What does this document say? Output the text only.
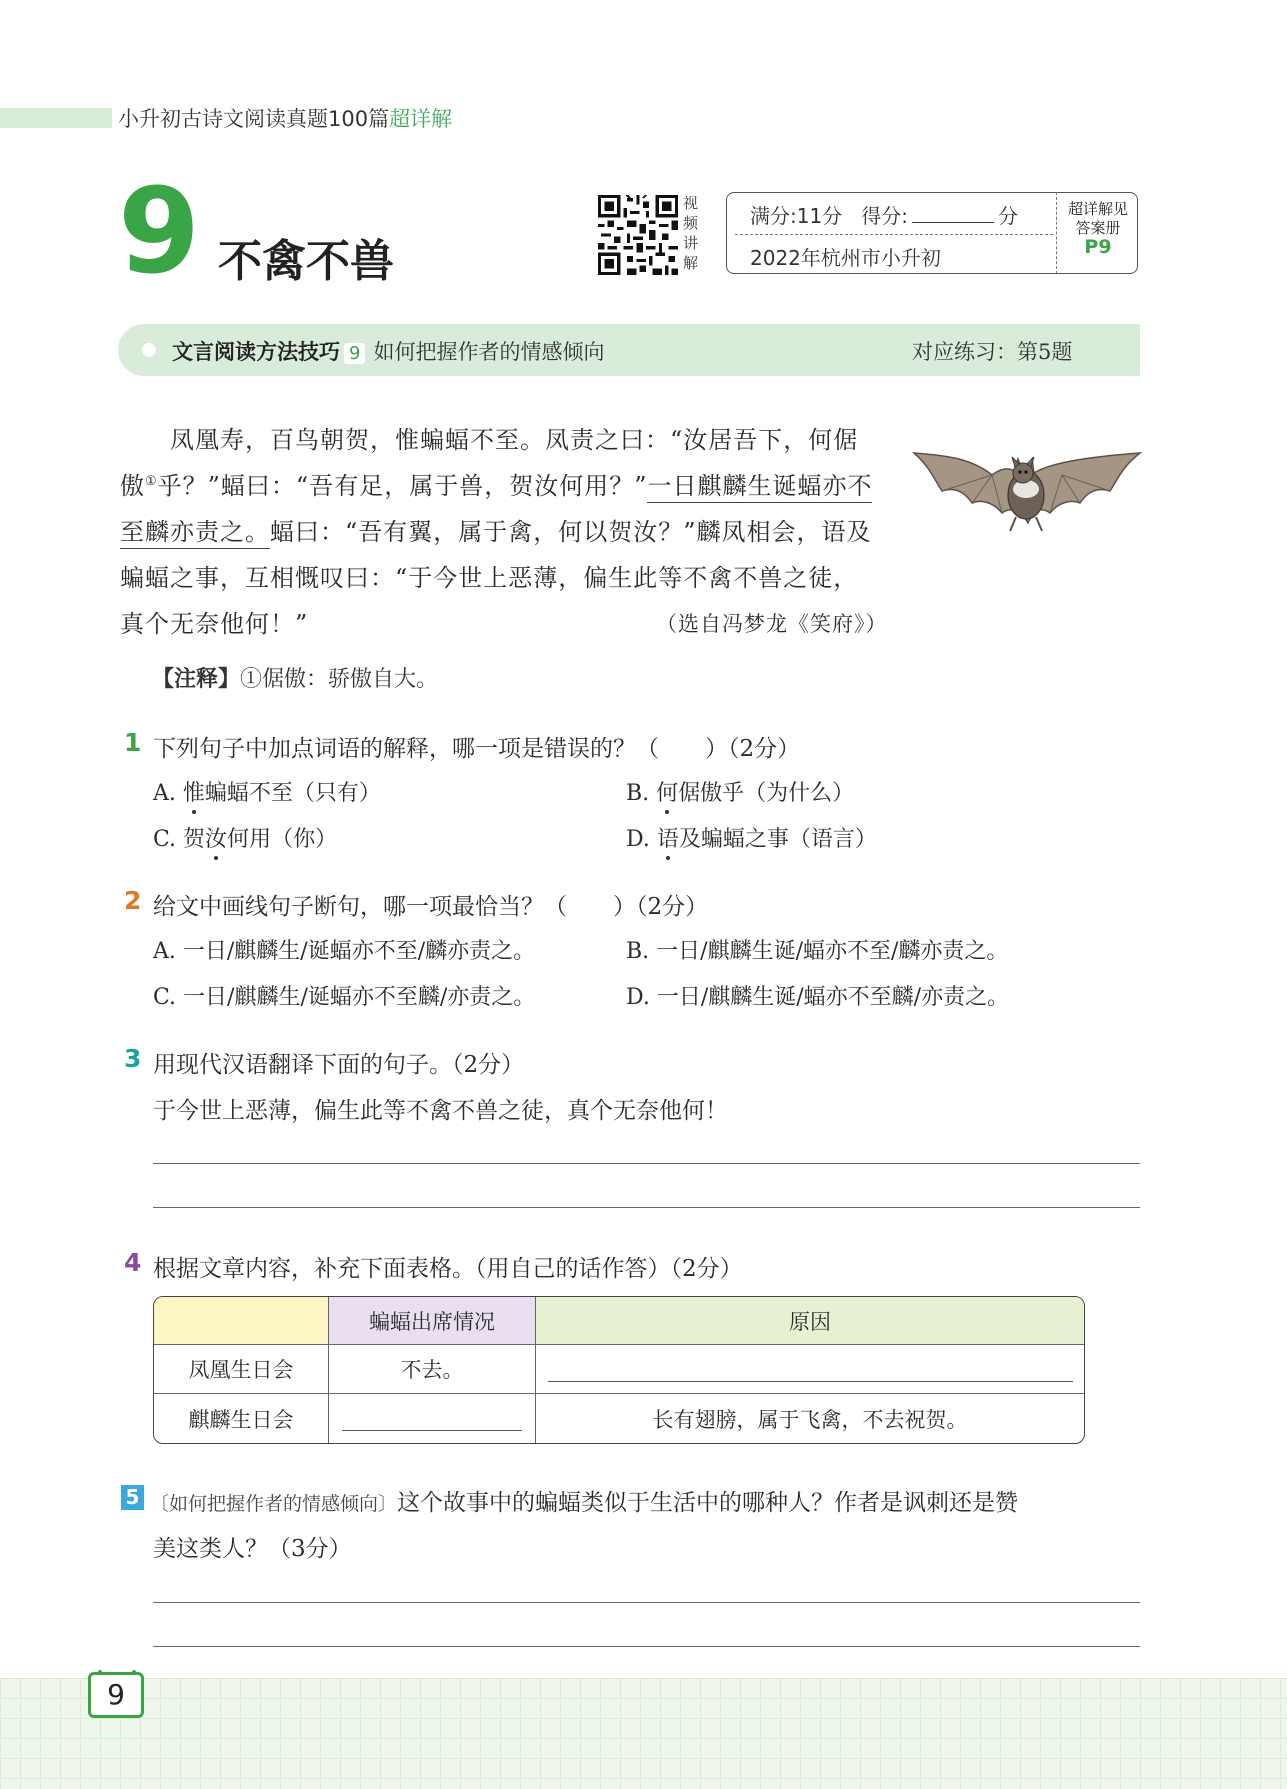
小升初古诗文阅读真题100篇超详解
9 不禽不兽
视
频
讲
解
满分:11分 得分:	分
2022年杭州市小升初
超详解见
答案册
P9
文言阅读方法技巧 9 如何把握作者的情感倾向	对应练习：第5题
凤凰寿，百鸟朝贺，惟蝙蝠不至。凤责之曰：“汝居吾下，何倨
傲①乎？”蝠曰：“吾有足，属于兽，贺汝何用？”一日麒麟生诞蝠亦不
至麟亦责之。蝠曰：“吾有翼，属于禽，何以贺汝？”麟凤相会，语及
蝙蝠之事，互相慨叹曰：“于今世上恶薄，偏生此等不禽不兽之徒，
真个无奈他何！”	（选自冯梦龙《笑府》）
【注释】①倨傲：骄傲自大。
1 下列句子中加点词语的解释，哪一项是错误的？（　　）（2分）
A. 惟蝙蝠不至（只有）	B. 何倨傲乎（为什么）
C. 贺汝何用（你）	D. 语及蝙蝠之事（语言）
2 给文中画线句子断句，哪一项最恰当？（　　）（2分）
A. 一日/麒麟生/诞蝠亦不至/麟亦责之。	B. 一日/麒麟生诞/蝠亦不至/麟亦责之。
C. 一日/麒麟生/诞蝠亦不至麟/亦责之。	D. 一日/麒麟生诞/蝠亦不至麟/亦责之。
3 用现代汉语翻译下面的句子。（2分）
于今世上恶薄，偏生此等不禽不兽之徒，真个无奈他何！
4 根据文章内容，补充下面表格。（用自己的话作答）（2分）
	蝙蝠出席情况	原因
凤凰生日会	不去。	
麒麟生日会		长有翅膀，属于飞禽，不去祝贺。
5 〔如何把握作者的情感倾向〕这个故事中的蝙蝠类似于生活中的哪种人？作者是讽刺还是赞
美这类人？（3分）
9
